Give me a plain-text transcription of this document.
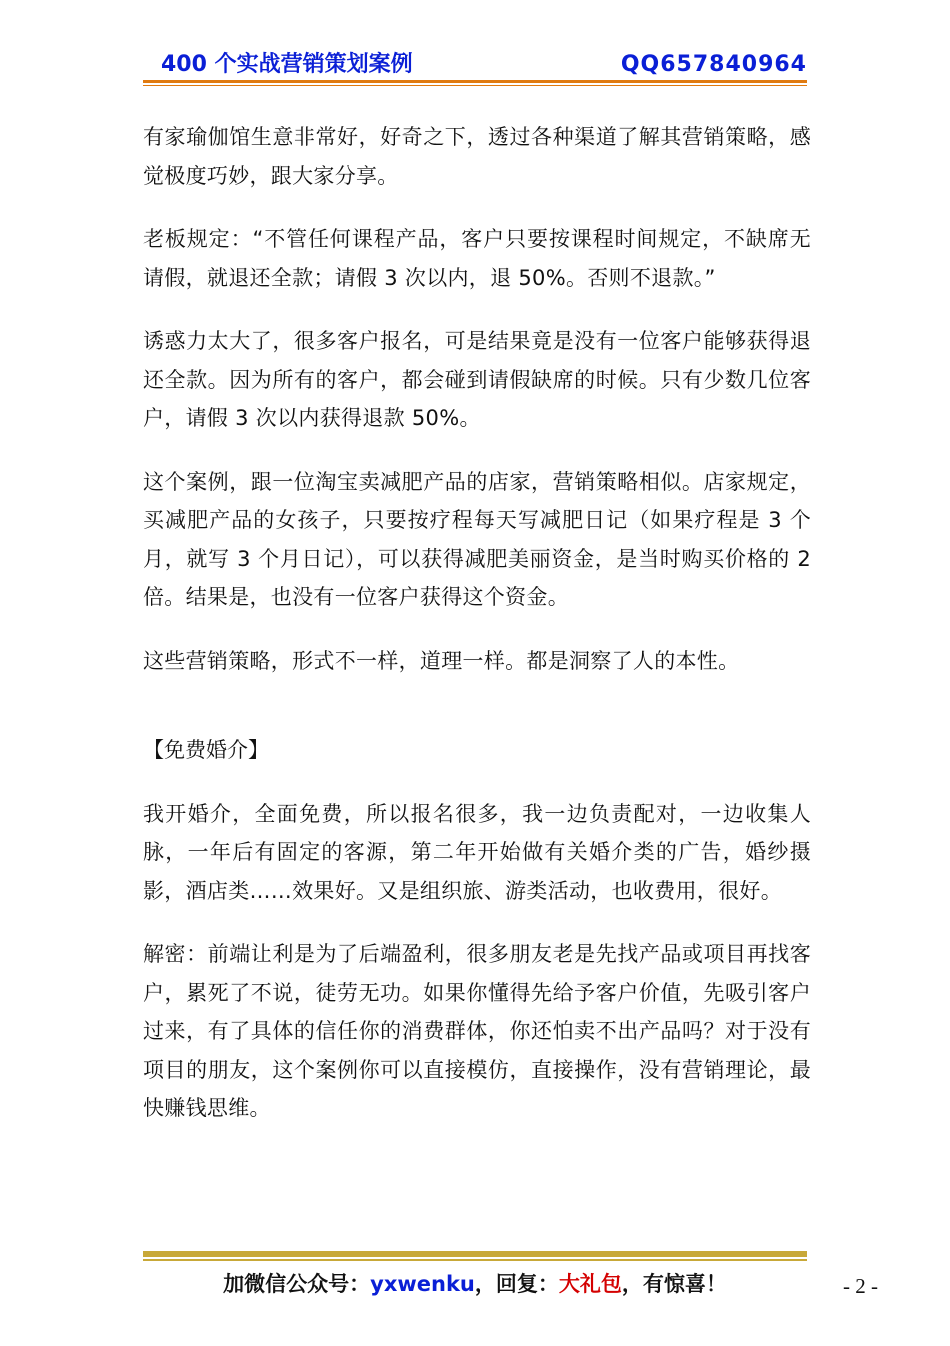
400 个实战营销策划案例	QQ657840964

有家瑜伽馆生意非常好，好奇之下，透过各种渠道了解其营销策略，感觉极度巧妙，跟大家分享。

老板规定：“不管任何课程产品，客户只要按课程时间规定，不缺席无请假，就退还全款；请假 3 次以内，退 50%。否则不退款。”

诱惑力太大了，很多客户报名，可是结果竟是没有一位客户能够获得退还全款。因为所有的客户，都会碰到请假缺席的时候。只有少数几位客户，请假 3 次以内获得退款 50%。

这个案例，跟一位淘宝卖减肥产品的店家，营销策略相似。店家规定，买减肥产品的女孩子，只要按疗程每天写减肥日记（如果疗程是 3 个月，就写 3 个月日记），可以获得减肥美丽资金，是当时购买价格的 2 倍。结果是，也没有一位客户获得这个资金。

这些营销策略，形式不一样，道理一样。都是洞察了人的本性。

【免费婚介】

我开婚介，全面免费，所以报名很多，我一边负责配对，一边收集人脉，一年后有固定的客源，第二年开始做有关婚介类的广告，婚纱摄影，酒店类……效果好。又是组织旅、游类活动，也收费用，很好。

解密：前端让利是为了后端盈利，很多朋友老是先找产品或项目再找客户，累死了不说，徒劳无功。如果你懂得先给予客户价值，先吸引客户过来，有了具体的信任你的消费群体，你还怕卖不出产品吗？对于没有项目的朋友，这个案例你可以直接模仿，直接操作，没有营销理论，最快赚钱思维。

加微信公众号：yxwenku，回复：大礼包，有惊喜！	- 2 -
